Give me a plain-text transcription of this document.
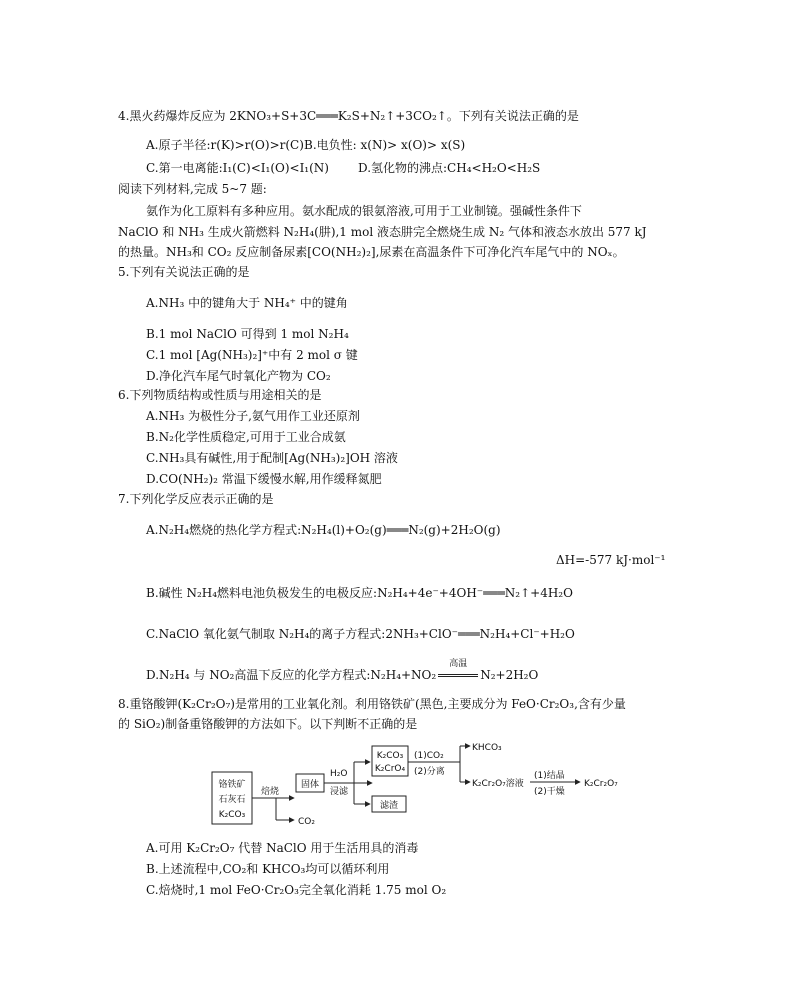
4.黑火药爆炸反应为 2KNO₃+S+3C═══K₂S+N₂↑+3CO₂↑。下列有关说法正确的是
A.原子半径:r(K)>r(O)>r(C) B.电负性: x(N)> x(O)> x(S)
C.第一电离能:I₁(C)<I₁(O)<I₁(N) D.氢化物的沸点:CH₄<H₂O<H₂S
阅读下列材料,完成 5~7 题:
氨作为化工原料有多种应用。氨水配成的银氨溶液,可用于工业制镜。强碱性条件下
NaClO 和 NH₃ 生成火箭燃料 N₂H₄(肼),1 mol 液态肼完全燃烧生成 N₂ 气体和液态水放出 577 kJ
的热量。NH₃和 CO₂ 反应制备尿素[CO(NH₂)₂],尿素在高温条件下可净化汽车尾气中的 NOₓ。
5.下列有关说法正确的是
A.NH₃ 中的键角大于 NH₄⁺ 中的键角
B.1 mol NaClO 可得到 1 mol N₂H₄
C.1 mol [Ag(NH₃)₂]⁺中有 2 mol σ 键
D.净化汽车尾气时氧化产物为 CO₂
6.下列物质结构或性质与用途相关的是
A.NH₃ 为极性分子,氨气用作工业还原剂
B.N₂化学性质稳定,可用于工业合成氨
C.NH₃具有碱性,用于配制[Ag(NH₃)₂]OH 溶液
D.CO(NH₂)₂ 常温下缓慢水解,用作缓释氮肥
7.下列化学反应表示正确的是
A.N₂H₄燃烧的热化学方程式:N₂H₄(l)+O₂(g)═══N₂(g)+2H₂O(g)
ΔH=-577 kJ·mol⁻¹
B.碱性 N₂H₄燃料电池负极发生的电极反应:N₂H₄+4e⁻+4OH⁻═══N₂↑+4H₂O
C.NaClO 氧化氨气制取 N₂H₄的离子方程式:2NH₃+ClO⁻═══N₂H₄+Cl⁻+H₂O
D.N₂H₄ 与 NO₂高温下反应的化学方程式:N₂H₄+NO₂
高温
N₂+2H₂O
8.重铬酸钾(K₂Cr₂O₇)是常用的工业氧化剂。利用铬铁矿(黑色,主要成分为 FeO·Cr₂O₃,含有少量
的 SiO₂)制备重铬酸钾的方法如下。以下判断不正确的是
铬铁矿
石灰石
K₂CO₃
焙烧
CO₂
固体
H₂O
浸滤
K₂CO₃
K₂CrO₄
滤渣
(1)CO₂
(2)分离
KHCO₃
K₂Cr₂O₇溶液
(1)结晶
(2)干燥
K₂Cr₂O₇
A.可用 K₂Cr₂O₇ 代替 NaClO 用于生活用具的消毒
B.上述流程中,CO₂和 KHCO₃均可以循环利用
C.焙烧时,1 mol FeO·Cr₂O₃完全氧化消耗 1.75 mol O₂
